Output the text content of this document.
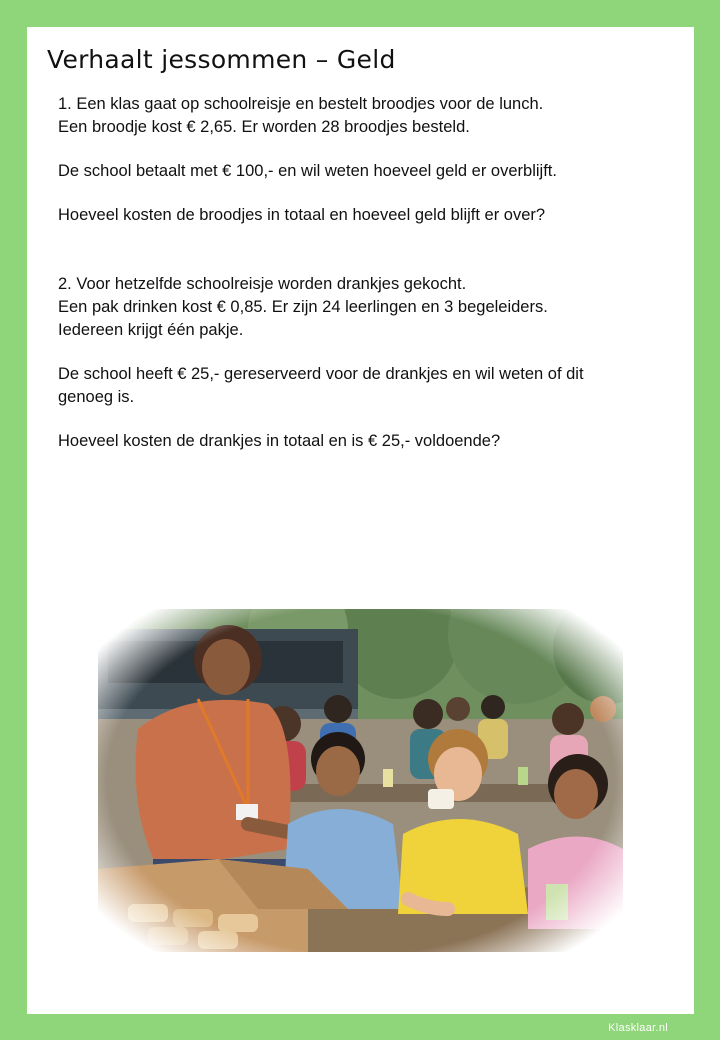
Verhaalt jessommen – Geld

1. Een klas gaat op schoolreisje en bestelt broodjes voor de lunch.

Een broodje kost € 2,65. Er worden 28 broodjes besteld.

De school betaalt met € 100,- en wil weten hoeveel geld er overblijft.

Hoeveel kosten de broodjes in totaal en hoeveel geld blijft er over?

2. Voor hetzelfde schoolreisje worden drankjes gekocht.

Een pak drinken kost € 0,85. Er zijn 24 leerlingen en 3 begeleiders.

Iedereen krijgt één pakje.

De school heeft € 25,- gereserveerd voor de drankjes en wil weten of dit

genoeg is.

Hoeveel kosten de drankjes in totaal en is € 25,- voldoende?

Klasklaar.nl
